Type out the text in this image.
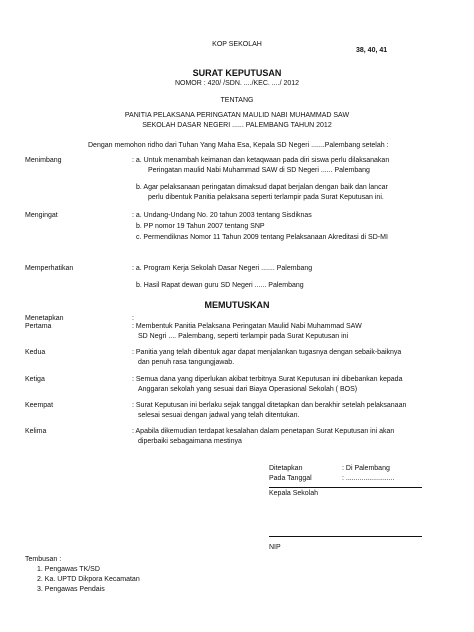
KOP SEKOLAH
38, 40, 41
SURAT KEPUTUSAN
NOMOR : 420/ /SDN. ..../KEC. ..../ 2012
TENTANG
PANITIA PELAKSANA PERINGATAN MAULID NABI MUHAMMAD SAW
SEKOLAH DASAR NEGERI ...... PALEMBANG TAHUN 2012
Dengan memohon ridho dari Tuhan Yang Maha Esa, Kepala SD Negeri .......Palembang setelah :
Menimbang	: a. Untuk menambah keimanan dan ketaqwaan pada diri siswa perlu dilaksanakan
Peringatan maulid Nabi Muhammad SAW di SD Negeri ...... Palembang
b. Agar pelaksanaan peringatan dimaksud dapat berjalan dengan baik dan lancar
perlu dibentuk Panitia pelaksana seperti terlampir pada Surat Keputusan ini.
Mengingat	: a. Undang-Undang No. 20 tahun 2003 tentang Sisdiknas
b. PP nomor 19 Tahun 2007 tentang SNP
c. Permendiknas Nomor 11 Tahun 2009 tentang Pelaksanaan Akreditasi di SD-MI
Memperhatikan	: a. Program Kerja Sekolah Dasar Negeri ....... Palembang
b. Hasil Rapat dewan guru SD Negeri ...... Palembang
MEMUTUSKAN
Menetapkan	:
Pertama	: Membentuk Panitia Pelaksana Peringatan Maulid Nabi Muhammad SAW
SD Negri .... Palembang, seperti terlampir pada Surat Keputusan ini
Kedua	: Panitia yang telah dibentuk agar dapat menjalankan tugasnya dengan sebaik-baiknya
dan penuh rasa tangungjawab.
Ketiga	: Semua dana yang diperlukan akibat terbitnya Surat Keputusan ini dibebankan kepada
Anggaran sekolah yang sesuai dari Biaya Operasional Sekolah ( BOS)
Keempat	: Surat Keputusan ini berlaku sejak tanggal ditetapkan dan berakhir setelah pelaksanaan
selesai sesuai dengan jadwal yang telah ditentukan.
Kelima	: Apabila dikemudian terdapat kesalahan dalam penetapan Surat Keputusan ini akan
diperbaiki sebagaimana mestinya
Ditetapkan	: Di Palembang
Pada Tanggal	: .........................
Kepala Sekolah
NIP
Tembusan :
1. Pengawas TK/SD
2. Ka. UPTD Dikpora Kecamatan
3. Pengawas Pendais
